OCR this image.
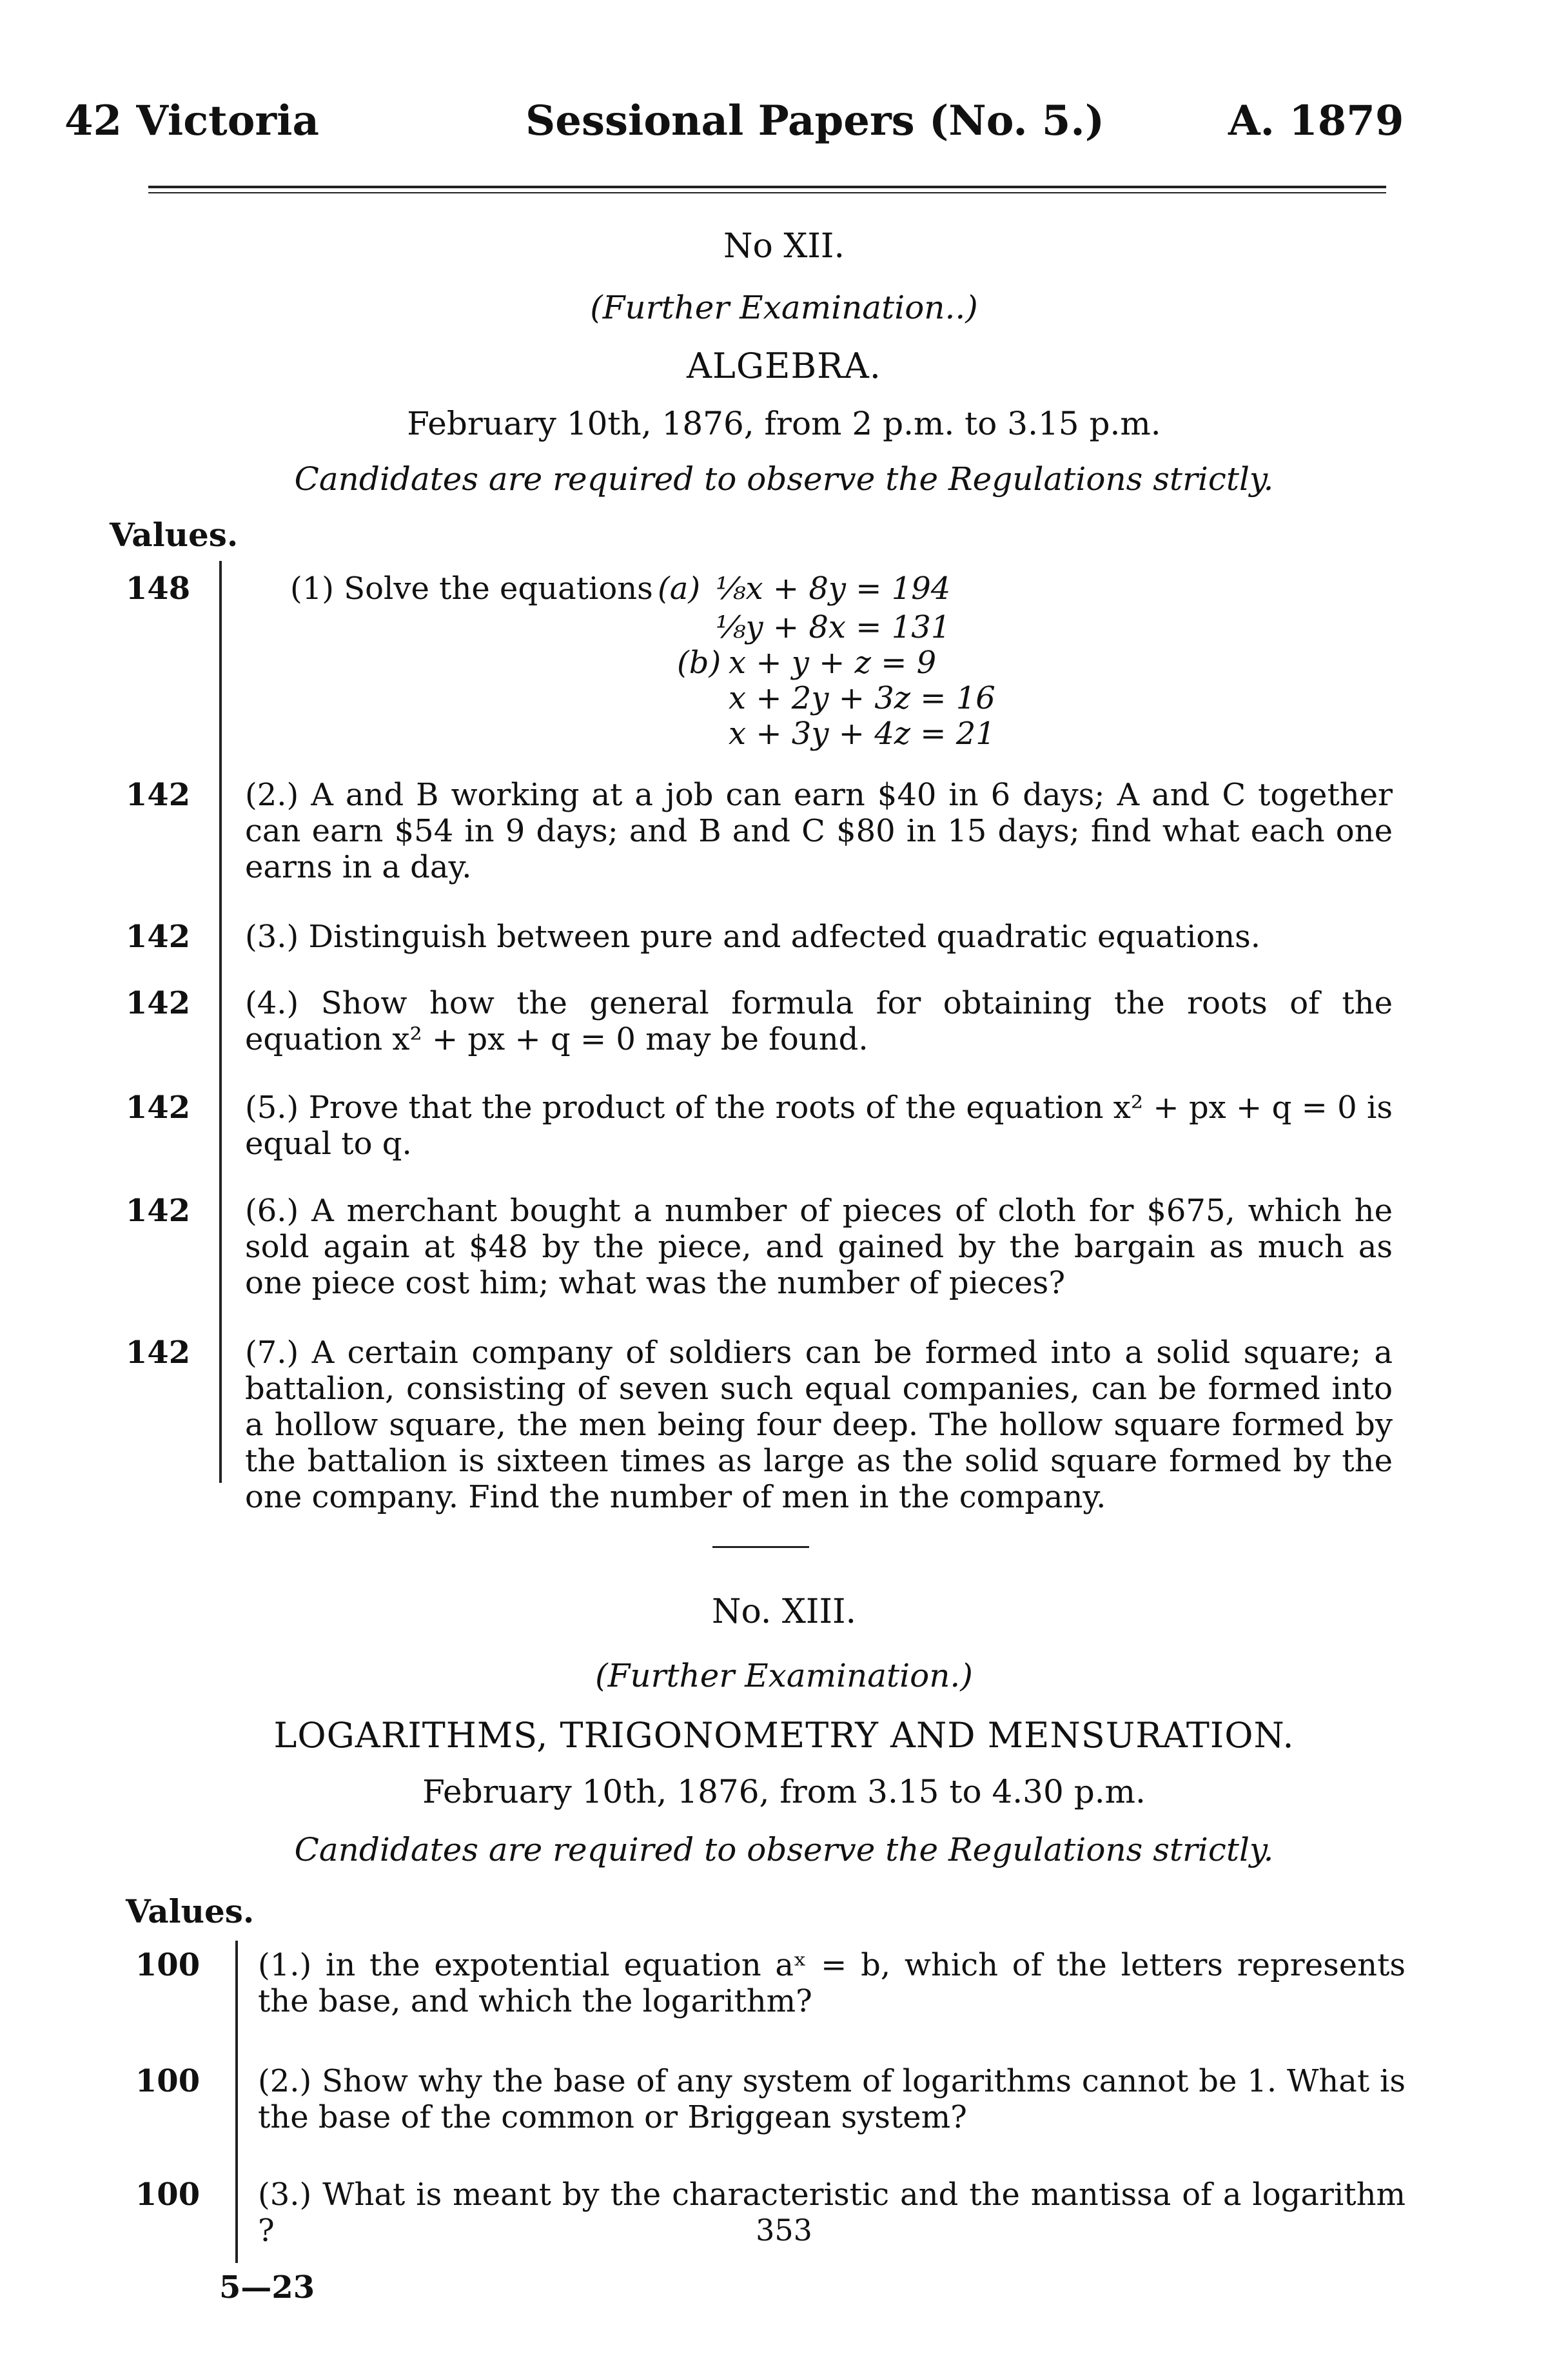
42 Victoria	Sessional Papers (No. 5.)	A. 1879
No XII.
(Further Examination..)
ALGEBRA.
February 10th, 1876, from 2 p.m. to 3.15 p.m.
Candidates are required to observe the Regulations strictly.
Values.
148	(1) Solve the equations (a) ⅛x + 8y = 194
⅛y + 8x = 131
(b) x + y + z = 9
x + 2y + 3z = 16
x + 3y + 4z = 21
142	(2.) A and B working at a job can earn $40 in 6 days; A and C together can earn $54 in 9 days; and B and C $80 in 15 days; find what each one earns in a day.
142	(3.) Distinguish between pure and adfected quadratic equations.
142	(4.) Show how the general formula for obtaining the roots of the equation x² + px + q = 0 may be found.
142	(5.) Prove that the product of the roots of the equation x² + px + q = 0 is equal to q.
142	(6.) A merchant bought a number of pieces of cloth for $675, which he sold again at $48 by the piece, and gained by the bargain as much as one piece cost him; what was the number of pieces?
142	(7.) A certain company of soldiers can be formed into a solid square; a battalion, consisting of seven such equal companies, can be formed into a hollow square, the men being four deep. The hollow square formed by the battalion is sixteen times as large as the solid square formed by the one company. Find the number of men in the company.
No. XIII.
(Further Examination.)
LOGARITHMS, TRIGONOMETRY AND MENSURATION.
February 10th, 1876, from 3.15 to 4.30 p.m.
Candidates are required to observe the Regulations strictly.
Values.
100	(1.) in the expotential equation aˣ = b, which of the letters represents the base, and which the logarithm?
100	(2.) Show why the base of any system of logarithms cannot be 1. What is the base of the common or Briggean system?
100	(3.) What is meant by the characteristic and the mantissa of a logarithm ?	353
5—23
